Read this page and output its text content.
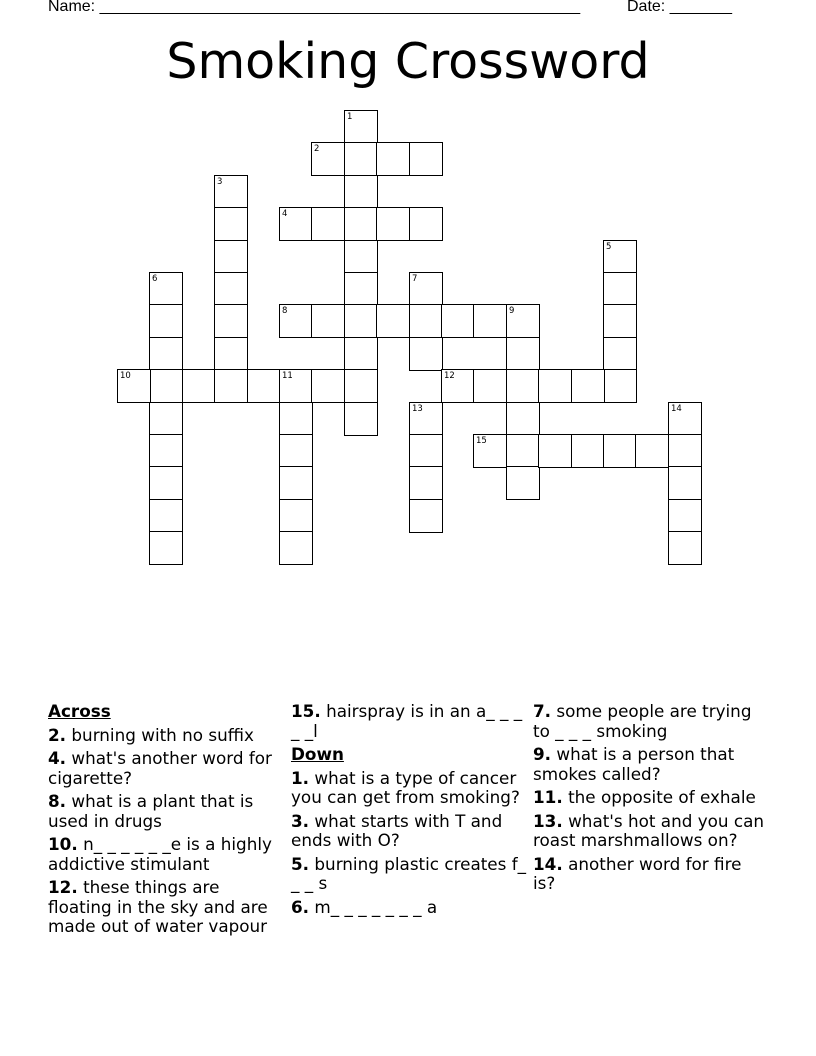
Name: ______________________________________________________	Date: _______
Smoking Crossword
1
2
3
4
5
6	7
8	9
10	11	12
13	14
15
Across
2. burning with no suffix
4. what's another word for cigarette?
8. what is a plant that is used in drugs
10. n_ _ _ _ _ _e is a highly addictive stimulant
12. these things are floating in the sky and are made out of water vapour
15. hairspray is in an a_ _ _ _ _l
Down
1. what is a type of cancer you can get from smoking?
3. what starts with T and ends with O?
5. burning plastic creates f_ _ _ s
6. m_ _ _ _ _ _ _ a
7. some people are trying to _ _ _ smoking
9. what is a person that smokes called?
11. the opposite of exhale
13. what's hot and you can roast marshmallows on?
14. another word for fire is?
